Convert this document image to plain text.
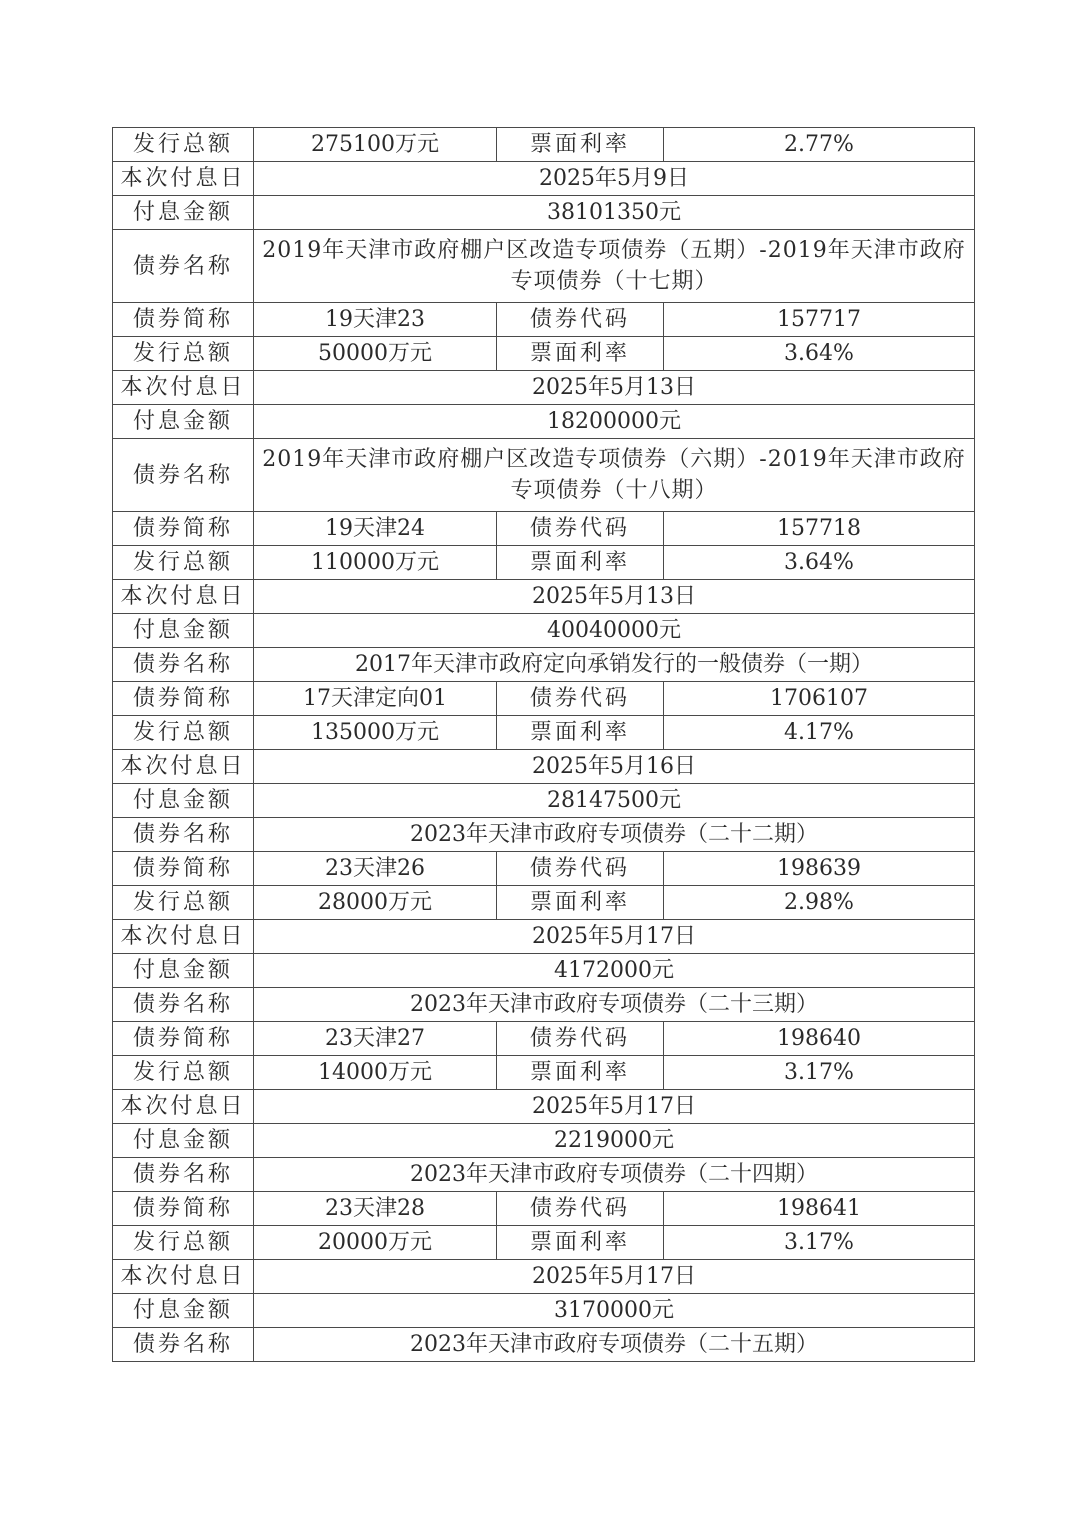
发行总额	275100万元	票面利率	2.77%
本次付息日	2025年5月9日		
付息金额	38101350元		
债券名称	2019年天津市政府棚户区改造专项债券（五期）-2019年天津市政府专项债券（十七期）		
债券简称	19天津23	债券代码	157717
发行总额	50000万元	票面利率	3.64%
本次付息日	2025年5月13日		
付息金额	18200000元		
债券名称	2019年天津市政府棚户区改造专项债券（六期）-2019年天津市政府专项债券（十八期）		
债券简称	19天津24	债券代码	157718
发行总额	110000万元	票面利率	3.64%
本次付息日	2025年5月13日		
付息金额	40040000元		
债券名称	2017年天津市政府定向承销发行的一般债券（一期）		
债券简称	17天津定向01	债券代码	1706107
发行总额	135000万元	票面利率	4.17%
本次付息日	2025年5月16日		
付息金额	28147500元		
债券名称	2023年天津市政府专项债券（二十二期）		
债券简称	23天津26	债券代码	198639
发行总额	28000万元	票面利率	2.98%
本次付息日	2025年5月17日		
付息金额	4172000元		
债券名称	2023年天津市政府专项债券（二十三期）		
债券简称	23天津27	债券代码	198640
发行总额	14000万元	票面利率	3.17%
本次付息日	2025年5月17日		
付息金额	2219000元		
债券名称	2023年天津市政府专项债券（二十四期）		
债券简称	23天津28	债券代码	198641
发行总额	20000万元	票面利率	3.17%
本次付息日	2025年5月17日		
付息金额	3170000元		
债券名称	2023年天津市政府专项债券（二十五期）		
